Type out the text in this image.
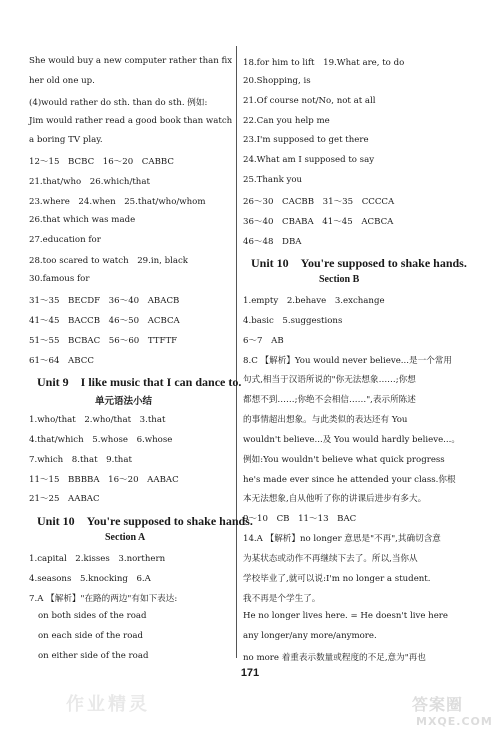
She would buy a new computer rather than fix
her old one up.
(4)would rather do sth. than do sth. 例如:
Jim would rather read a good book than watch
a boring TV play.
12～15　BCBC　16～20　CABBC
21.that/who　26.which/that
23.where　24.when　25.that/who/whom
26.that which was made
27.education for
28.too scared to watch　29.in, black
30.famous for
31～35　BECDF　36～40　ABACB
41～45　BACCB　46～50　ACBCA
51～55　BCBAC　56～60　TTFTF
61～64　ABCC
Unit 9　I like music that I can dance to.
单元语法小结
1.who/that　2.who/that　3.that
4.that/which　5.whose　6.whose
7.which　8.that　9.that
11～15　BBBBA　16～20　AABAC
21～25　AABAC
Unit 10　You're supposed to shake hands.
Section A
1.capital　2.kisses　3.northern
4.seasons　5.knocking　6.A
7.A 【解析】"在路的两边"有如下表达:
on both sides of the road
on each side of the road
on either side of the road
18.for him to lift　19.What are, to do
20.Shopping, is
21.Of course not/No, not at all
22.Can you help me
23.I'm supposed to get there
24.What am I supposed to say
25.Thank you
26～30　CACBB　31～35　CCCCA
36～40　CBABA　41～45　ACBCA
46～48　DBA
Unit 10　You're supposed to shake hands.
Section B
1.empty　2.behave　3.exchange
4.basic　5.suggestions
6～7　AB
8.C 【解析】You would never believe...是一个常用
句式,相当于汉语所说的"你无法想象……;你想
都想不到……;你绝不会相信……",表示所陈述
的事情超出想象。与此类似的表达还有 You
wouldn't believe...及 You would hardly believe...。
例如:You wouldn't believe what quick progress
he's made ever since he attended your class.你根
本无法想象,自从他听了你的讲课后进步有多大。
9～10　CB　11～13　BAC
14.A 【解析】no longer 意思是"不再",其确切含意
为某状态或动作不再继续下去了。所以,当你从
学校毕业了,就可以说:I'm no longer a student.
我不再是个学生了。
He no longer lives here. = He doesn't live here
any longer/any more/anymore.
no more 着重表示数量或程度的不足,意为"再也
171
作业精灵	答案圈
MXQE.COM
